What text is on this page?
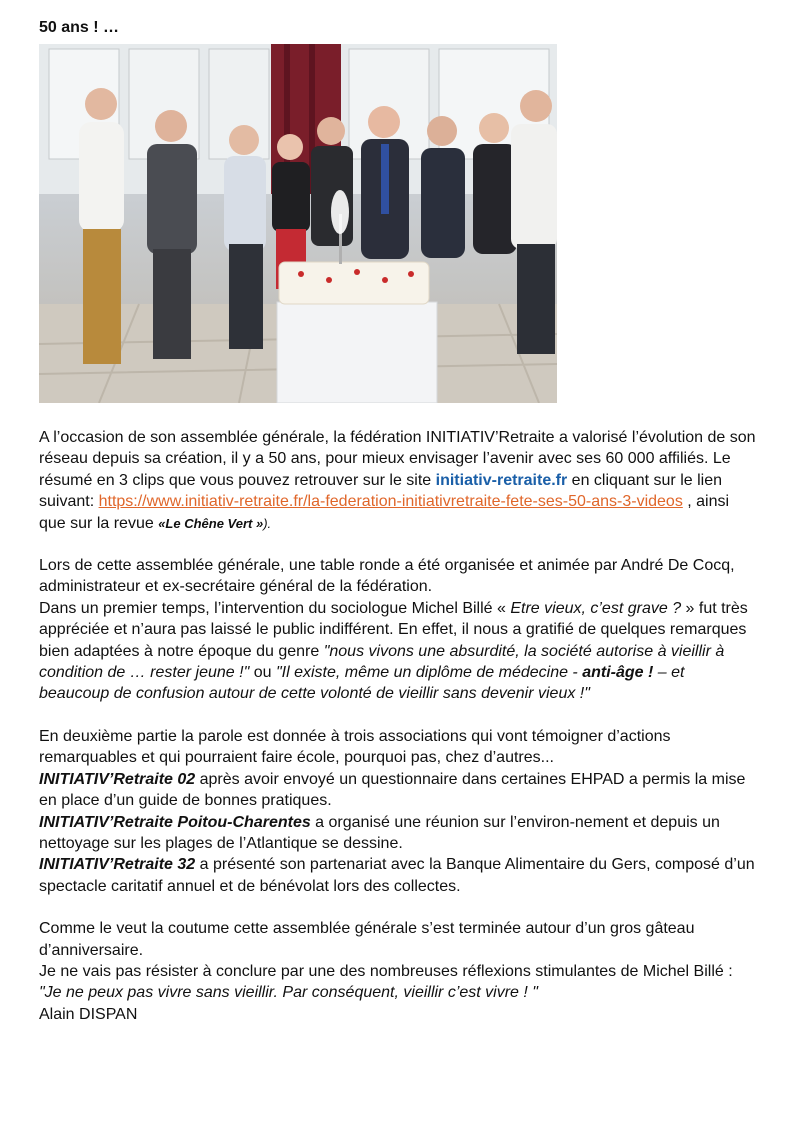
50 ans ! …

A l’occasion de son assemblée générale, la fédération INITIATIV’Retraite a valorisé l’évolution de son réseau depuis sa création, il y a 50 ans, pour mieux envisager l’avenir avec ses 60 000 affiliés. Le résumé en 3 clips que vous pouvez retrouver sur le site initiativ-retraite.fr en cliquant sur le lien suivant: https://www.initiativ-retraite.fr/la-federation-initiativretraite-fete-ses-50-ans-3-videos , ainsi que sur la revue «Le Chêne Vert »).

Lors de cette assemblée générale, une table ronde a été organisée et animée par André De Cocq, administrateur et ex-secrétaire général de la fédération.

Dans un premier temps, l’intervention du sociologue Michel Billé « Etre vieux, c’est grave ? » fut très appréciée et n’aura pas laissé le public indifférent. En effet, il nous a gratifié de quelques remarques bien adaptées à notre époque du genre "nous vivons une absurdité, la société autorise à vieillir à condition de … rester jeune !" ou "Il existe, même un diplôme de médecine - anti-âge ! – et beaucoup de confusion autour de cette volonté de vieillir sans devenir vieux !"

En deuxième partie la parole est donnée à trois associations qui vont témoigner d’actions remarquables et qui pourraient faire école, pourquoi pas, chez d’autres...

INITIATIV’Retraite 02 après avoir envoyé un questionnaire dans certaines EHPAD a permis la mise en place d’un guide de bonnes pratiques.

INITIATIV’Retraite Poitou-Charentes a organisé une réunion sur l’environ-nement et depuis un nettoyage sur les plages de l’Atlantique se dessine.

INITIATIV’Retraite 32 a présenté son partenariat avec la Banque Alimentaire du Gers, composé d’un spectacle caritatif annuel et de bénévolat lors des collectes.

Comme le veut la coutume cette assemblée générale s’est terminée autour d’un gros gâteau d’anniversaire.

Je ne vais pas résister à conclure par une des nombreuses réflexions stimulantes de Michel Billé :

"Je ne peux pas vivre sans vieillir. Par conséquent, vieillir c’est vivre ! "

Alain DISPAN
